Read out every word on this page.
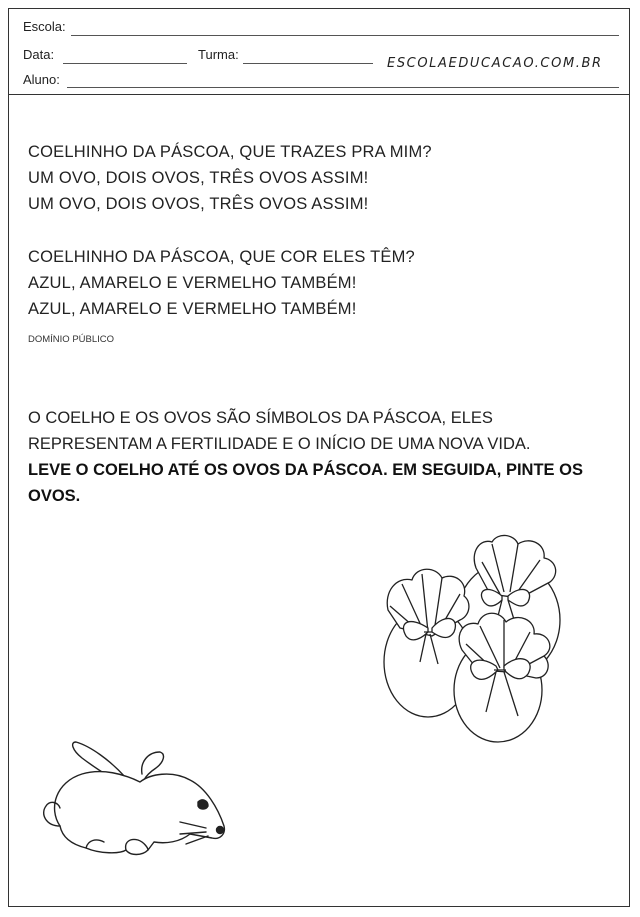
Escola:
Data:	Turma:
ESCOLAEDUCACAO.COM.BR
Aluno:
COELHINHO DA PÁSCOA, QUE TRAZES PRA MIM?
UM OVO, DOIS OVOS, TRÊS OVOS ASSIM!
UM OVO, DOIS OVOS, TRÊS OVOS ASSIM!
COELHINHO DA PÁSCOA, QUE COR ELES TÊM?
AZUL, AMARELO E VERMELHO TAMBÉM!
AZUL, AMARELO E VERMELHO TAMBÉM!
DOMÍNIO PÚBLICO
O COELHO E OS OVOS SÃO SÍMBOLOS DA PÁSCOA, ELES REPRESENTAM A FERTILIDADE E O INÍCIO DE UMA NOVA VIDA.
LEVE O COELHO ATÉ OS OVOS DA PÁSCOA. EM SEGUIDA, PINTE OS OVOS.
